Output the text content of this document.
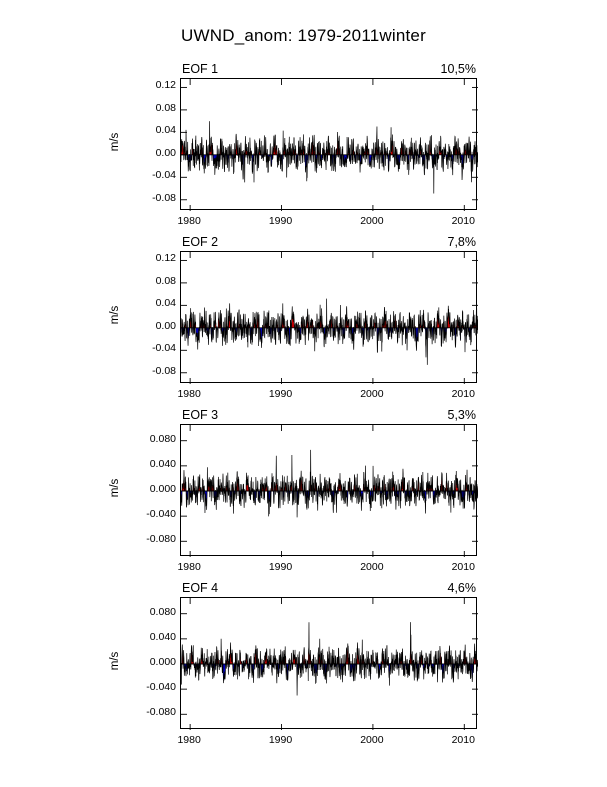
UWND_anom: 1979-2011winter
EOF 1	10,5%
EOF 2	7,8%
EOF 3	5,3%
EOF 4	4,6%
0.12
0.08
0.04
0.00
-0.04
-0.08
m/s
1980	1990	2000	2010
0.12
0.08
0.04
0.00
-0.04
-0.08
m/s
1980	1990	2000	2010
0.080
0.040
0.000
-0.040
-0.080
m/s
1980	1990	2000	2010
0.080
0.040
0.000
-0.040
-0.080
m/s
1980	1990	2000	2010
